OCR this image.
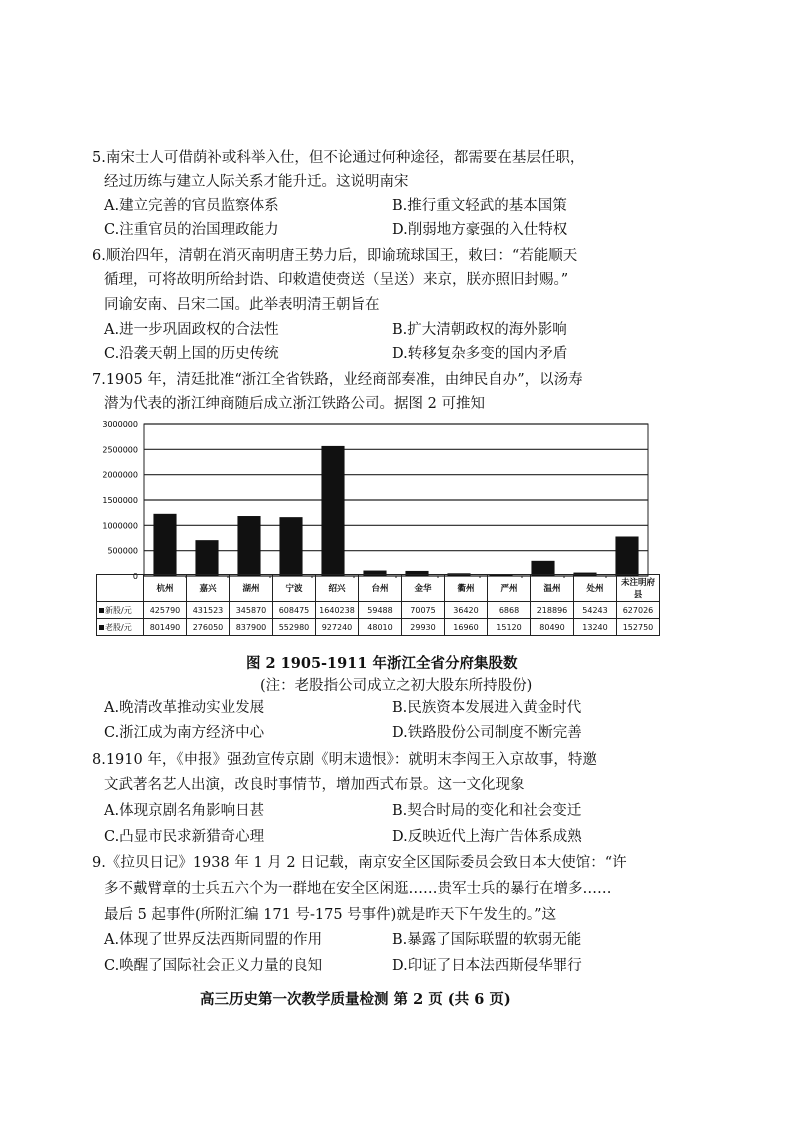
5.南宋士人可借荫补或科举入仕，但不论通过何种途径，都需要在基层任职，
经过历练与建立人际关系才能升迁。这说明南宋
A.建立完善的官员监察体系	B.推行重文轻武的基本国策
C.注重官员的治国理政能力	D.削弱地方豪强的入仕特权
6.顺治四年，清朝在消灭南明唐王势力后，即谕琉球国王，敕曰：“若能顺天
循理，可将故明所给封诰、印敕遣使赍送（呈送）来京，朕亦照旧封赐。”
同谕安南、吕宋二国。此举表明清王朝旨在
A.进一步巩固政权的合法性	B.扩大清朝政权的海外影响
C.沿袭天朝上国的历史传统	D.转移复杂多变的国内矛盾
7.1905 年，清廷批准“浙江全省铁路，业经商部奏准，由绅民自办”，以汤寿
潜为代表的浙江绅商随后成立浙江铁路公司。据图 2 可推知
3000000
2500000
2000000
1500000
1000000
500000
0
	杭州	嘉兴	湖州	宁波	绍兴	台州	金华	衢州	严州	温州	处州	未注明府县
新股/元	425790	431523	345870	608475	1640238	59488	70075	36420	6868	218896	54243	627026
老股/元	801490	276050	837900	552980	927240	48010	29930	16960	15120	80490	13240	152750
图 2 1905-1911 年浙江全省分府集股数
(注：老股指公司成立之初大股东所持股份)
A.晚清改革推动实业发展	B.民族资本发展进入黄金时代
C.浙江成为南方经济中心	D.铁路股份公司制度不断完善
8.1910 年，《申报》强劲宣传京剧《明末遗恨》：就明末李闯王入京故事，特邀
文武著名艺人出演，改良时事情节，增加西式布景。这一文化现象
A.体现京剧名角影响日甚	B.契合时局的变化和社会变迁
C.凸显市民求新猎奇心理	D.反映近代上海广告体系成熟
9.《拉贝日记》1938 年 1 月 2 日记载，南京安全区国际委员会致日本大使馆：“许
多不戴臂章的士兵五六个为一群地在安全区闲逛……贵军士兵的暴行在增多……
最后 5 起事件(所附汇编 171 号-175 号事件)就是昨天下午发生的。”这
A.体现了世界反法西斯同盟的作用	B.暴露了国际联盟的软弱无能
C.唤醒了国际社会正义力量的良知	D.印证了日本法西斯侵华罪行
高三历史第一次教学质量检测 第 2 页 (共 6 页)
